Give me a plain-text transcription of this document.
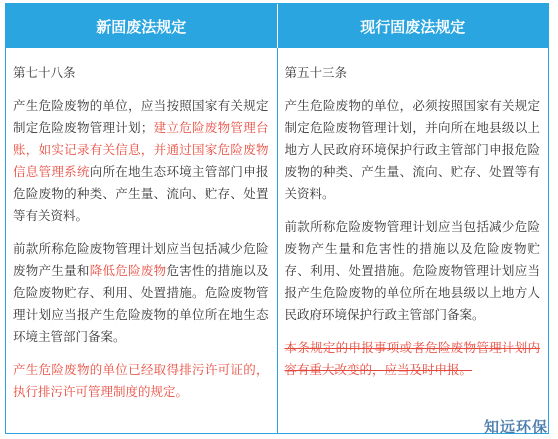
新固废法规定	现行固废法规定

第七十八条

产生危险废物的单位，应当按照国家有关规定制定危险废物管理计划；建立危险废物管理台账，如实记录有关信息，并通过国家危险废物信息管理系统向所在地生态环境主管部门申报危险废物的种类、产生量、流向、贮存、处置等有关资料。

前款所称危险废物管理计划应当包括减少危险废物产生量和降低危险废物危害性的措施以及危险废物贮存、利用、处置措施。危险废物管理计划应当报产生危险废物的单位所在地生态环境主管部门备案。

产生危险废物的单位已经取得排污许可证的，执行排污许可管理制度的规定。

第五十三条

产生危险废物的单位，必须按照国家有关规定制定危险废物管理计划，并向所在地县级以上地方人民政府环境保护行政主管部门申报危险废物的种类、产生量、流向、贮存、处置等有关资料。

前款所称危险废物管理计划应当包括减少危险废物产生量和危害性的措施以及危险废物贮存、利用、处置措施。危险废物管理计划应当报产生危险废物的单位所在地县级以上地方人民政府环境保护行政主管部门备案。

本条规定的申报事项或者危险废物管理计划内容有重大改变的，应当及时申报。

知远环保
